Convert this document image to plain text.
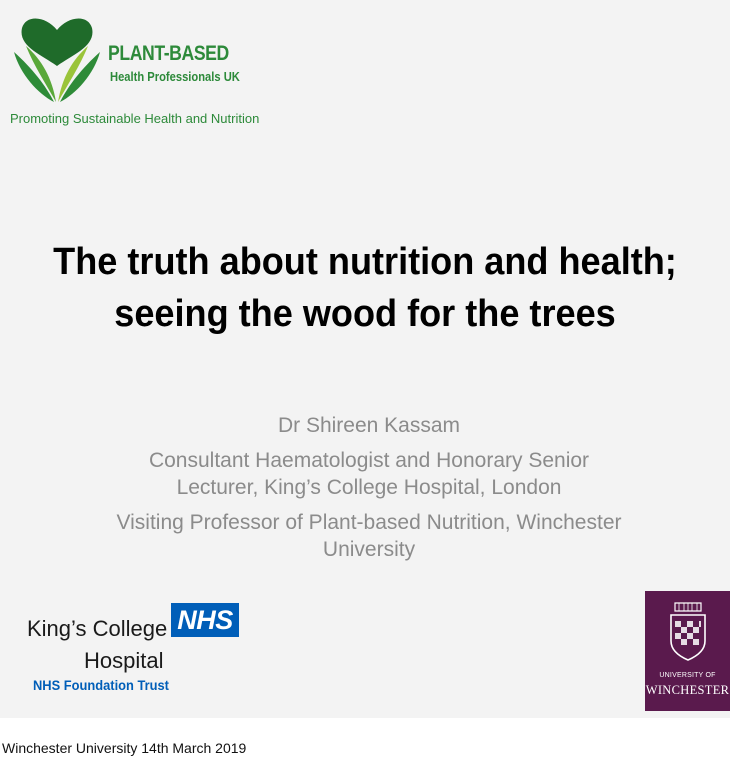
PLANT-BASED
Health Professionals UK
Promoting Sustainable Health and Nutrition
The truth about nutrition and health;
seeing the wood for the trees
Dr Shireen Kassam
Consultant Haematologist and Honorary Senior
Lecturer, King’s College Hospital, London
Visiting Professor of Plant-based Nutrition, Winchester
University
King’s College
Hospital
NHS
NHS Foundation Trust
UNIVERSITY OF
WINCHESTER
Winchester University 14th March 2019
